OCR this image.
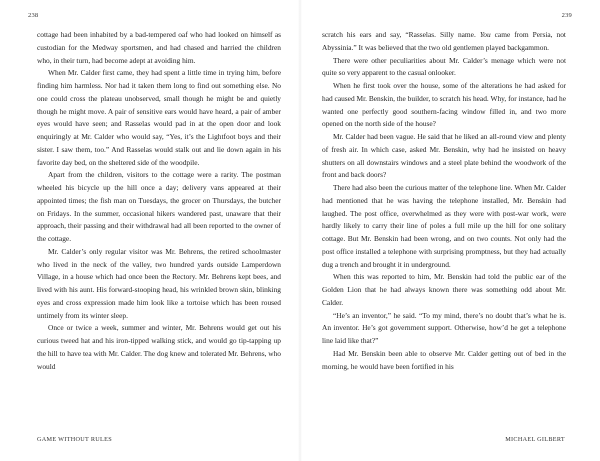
238

cottage had been inhabited by a bad-tempered oaf who had looked on himself as custodian for the Medway sportsmen, and had chased and harried the children who, in their turn, had become adept at avoiding him.

When Mr. Calder first came, they had spent a little time in trying him, before finding him harmless. Nor had it taken them long to find out something else. No one could cross the plateau unobserved, small though he might be and quietly though he might move. A pair of sensitive ears would have heard, a pair of amber eyes would have seen; and Rasselas would pad in at the open door and look enquiringly at Mr. Calder who would say, “Yes, it’s the Lightfoot boys and their sister. I saw them, too.” And Rasselas would stalk out and lie down again in his favorite day bed, on the sheltered side of the woodpile.

Apart from the children, visitors to the cottage were a rarity. The postman wheeled his bicycle up the hill once a day; delivery vans appeared at their appointed times; the fish man on Tuesdays, the grocer on Thursdays, the butcher on Fridays. In the summer, occasional hikers wandered past, unaware that their approach, their passing and their withdrawal had all been reported to the owner of the cottage.

Mr. Calder’s only regular visitor was Mr. Behrens, the retired schoolmaster who lived in the neck of the valley, two hundred yards outside Lamperdown Village, in a house which had once been the Rectory. Mr. Behrens kept bees, and lived with his aunt. His forward-stooping head, his wrinkled brown skin, blinking eyes and cross expression made him look like a tortoise which has been roused untimely from its winter sleep.

Once or twice a week, summer and winter, Mr. Behrens would get out his curious tweed hat and his iron-tipped walking stick, and would go tip-tapping up the hill to have tea with Mr. Calder. The dog knew and tolerated Mr. Behrens, who would

GAME WITHOUT RULES
239

scratch his ears and say, “Rasselas. Silly name. You came from Persia, not Abyssinia.” It was believed that the two old gentlemen played backgammon.

There were other peculiarities about Mr. Calder’s menage which were not quite so very apparent to the casual onlooker.

When he first took over the house, some of the alterations he had asked for had caused Mr. Benskin, the builder, to scratch his head. Why, for instance, had he wanted one perfectly good southern-facing window filled in, and two more opened on the north side of the house?

Mr. Calder had been vague. He said that he liked an all-round view and plenty of fresh air. In which case, asked Mr. Benskin, why had he insisted on heavy shutters on all downstairs windows and a steel plate behind the woodwork of the front and back doors?

There had also been the curious matter of the telephone line. When Mr. Calder had mentioned that he was having the telephone installed, Mr. Benskin had laughed. The post office, overwhelmed as they were with post-war work, were hardly likely to carry their line of poles a full mile up the hill for one solitary cottage. But Mr. Benskin had been wrong, and on two counts. Not only had the post office installed a telephone with surprising promptness, but they had actually dug a trench and brought it in underground.

When this was reported to him, Mr. Benskin had told the public ear of the Golden Lion that he had always known there was something odd about Mr. Calder.

“He’s an inventor,” he said. “To my mind, there’s no doubt that’s what he is. An inventor. He’s got government support. Otherwise, how’d he get a telephone line laid like that?”

Had Mr. Benskin been able to observe Mr. Calder getting out of bed in the morning, he would have been fortified in his

MICHAEL GILBERT
